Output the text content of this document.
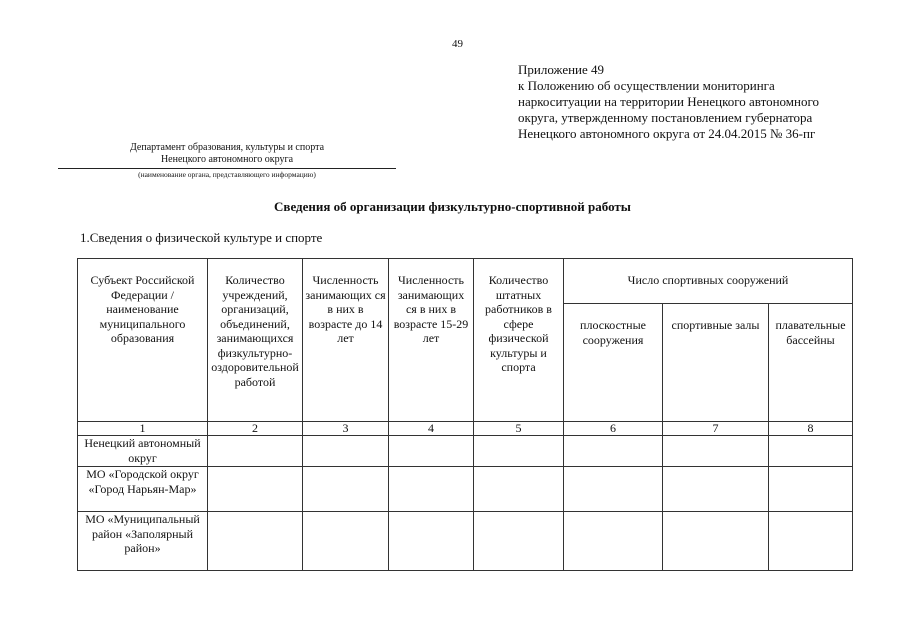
49
Приложение 49
к Положению об осуществлении мониторинга
наркоситуации на территории Ненецкого автономного
округа, утвержденному постановлением губернатора
Ненецкого автономного округа от 24.04.2015 № 36-пг
Департамент образования, культуры и спорта
Ненецкого автономного округа
(наименование органа, представляющего информацию)
Сведения об организации физкультурно-спортивной работы
1.Сведения о физической культуре и спорте
Субъект Российской Федерации /наименование муниципального образования	Количество учреждений, организаций, объединений, занимающихся физкультурно-оздоровительной работой	Численность занимающих ся в них в возрасте до 14 лет	Численность занимающих ся в них в возрасте 15-29 лет	Количество штатных работников в сфере физической культуры и спорта	Число спортивных сооружений		
					плоскостные сооружения	спортивные залы	плавательные бассейны
1	2	3	4	5	6	7	8
Ненецкий автономный округ							
МО «Городской округ «Город Нарьян-Мар»							
МО «Муниципальный район «Заполярный район»							
